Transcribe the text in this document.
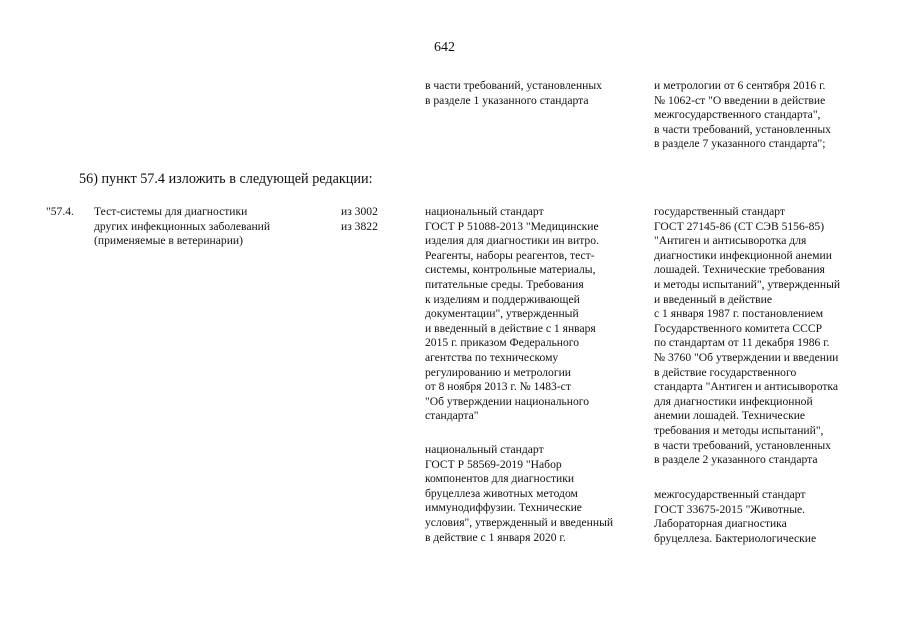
642
в части требований, установленных
в разделе 1 указанного стандарта
и метрологии от 6 сентября 2016 г.
№ 1062-ст "О введении в действие
межгосударственного стандарта",
в части требований, установленных
в разделе 7 указанного стандарта";
56) пункт 57.4 изложить в следующей редакции:
"57.4. Тест-системы для диагностики
других инфекционных заболеваний
(применяемые в ветеринарии)
из 3002
из 3822
национальный стандарт
ГОСТ Р 51088-2013 "Медицинские
изделия для диагностики ин витро.
Реагенты, наборы реагентов, тест-
системы, контрольные материалы,
питательные среды. Требования
к изделиям и поддерживающей
документации", утвержденный
и введенный в действие с 1 января
2015 г. приказом Федерального
агентства по техническому
регулированию и метрологии
от 8 ноября 2013 г. № 1483-ст
"Об утверждении национального
стандарта"
национальный стандарт
ГОСТ Р 58569-2019 "Набор
компонентов для диагностики
бруцеллеза животных методом
иммунодиффузии. Технические
условия", утвержденный и введенный
в действие с 1 января 2020 г.
государственный стандарт
ГОСТ 27145-86 (СТ СЭВ 5156-85)
"Антиген и антисыворотка для
диагностики инфекционной анемии
лошадей. Технические требования
и методы испытаний", утвержденный
и введенный в действие
с 1 января 1987 г. постановлением
Государственного комитета СССР
по стандартам от 11 декабря 1986 г.
№ 3760 "Об утверждении и введении
в действие государственного
стандарта "Антиген и антисыворотка
для диагностики инфекционной
анемии лошадей. Технические
требования и методы испытаний",
в части требований, установленных
в разделе 2 указанного стандарта
межгосударственный стандарт
ГОСТ 33675-2015 "Животные.
Лабораторная диагностика
бруцеллеза. Бактериологические
